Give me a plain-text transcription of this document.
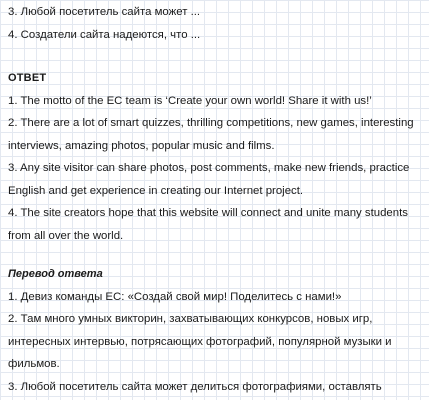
3. Любой посетитель сайта может ...

4. Создатели сайта надеются, что ...

ОТВЕТ

1. The motto of the EC team is ‘Create your own world! Share it with us!’

2. There are a lot of smart quizzes, thrilling competitions, new games, interesting

interviews, amazing photos, popular music and films.

3. Any site visitor can share photos, post comments, make new friends, practice

English and get experience in creating our Internet project.

4. The site creators hope that this website will connect and unite many students

from all over the world.

Перевод ответа

1. Девиз команды EC: «Создай свой мир! Поделитесь с нами!»

2. Там много умных викторин, захватывающих конкурсов, новых игр,

интересных интервью, потрясающих фотографий, популярной музыки и

фильмов.

3. Любой посетитель сайта может делиться фотографиями, оставлять
